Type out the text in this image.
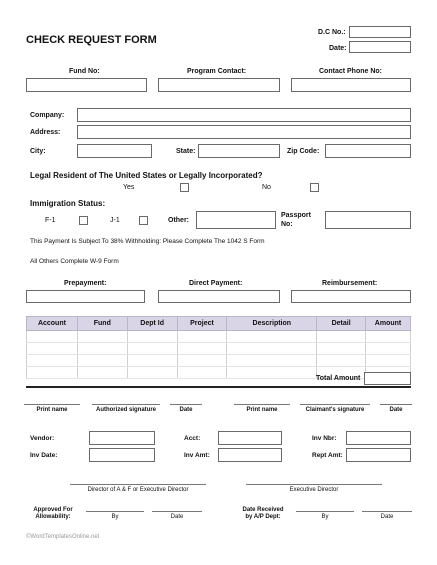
CHECK REQUEST FORM
D.C No.:
Date:
Fund No:	Program Contact:	Contact Phone No:
Company:
Address:
City:	State:	Zip Code:
Legal Resident of The United States or Legally Incorporated?
Yes	No
Immigration Status:
F-1	J-1	Other:
Passport
No:
This Payment Is Subject To 38% Withholding: Please Complete The 1042 S Form
All Others Complete W-9 Form
Prepayment:	Direct Payment:	Reimbursement:
Account	Fund	Dept Id	Project	Description	Detail	Amount

Total Amount
Print name	Authorized signature	Date	Print name	Claimant's signature	Date
Vendor:	Acct:	Inv Nbr:
Inv Date:	Inv Amt:	Rept Amt:
Director of A & F or Executive Director	Executive Director
Approved For
Allowability:	By	Date
Date Received
by A/P Dept:	By	Date
©WordTemplatesOnline.net
